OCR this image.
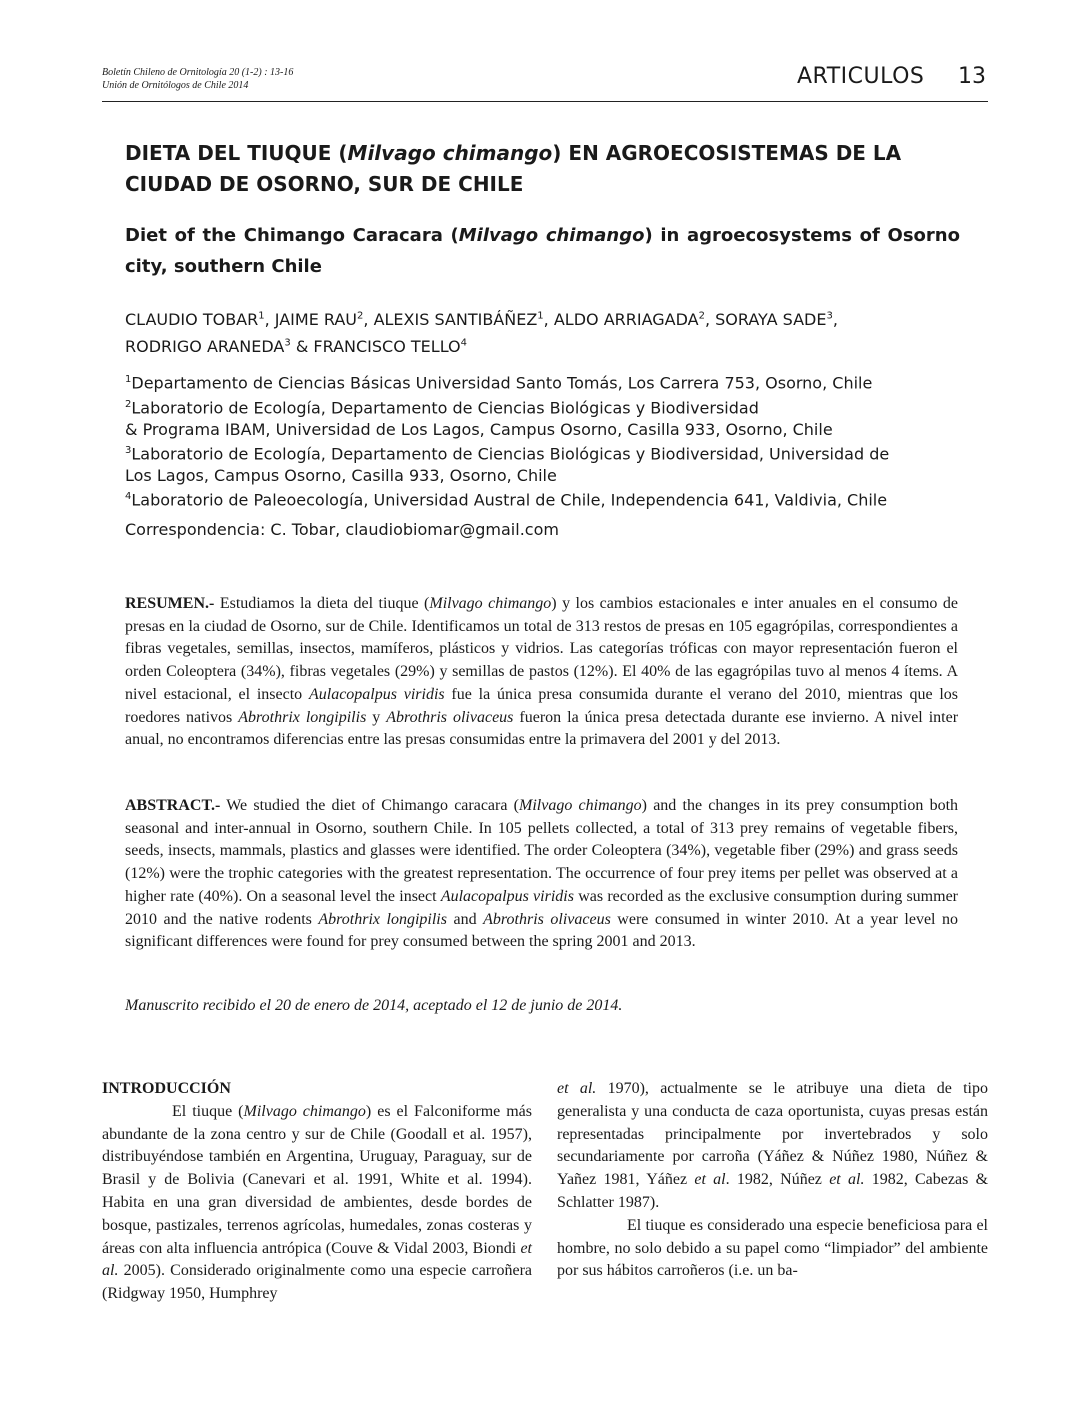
Boletín Chileno de Ornitología 20 (1-2) : 13-16
Unión de Ornitólogos de Chile 2014	ARTICULOS 13
DIETA DEL TIUQUE (Milvago chimango) EN AGROECOSISTEMAS DE LA CIUDAD DE OSORNO, SUR DE CHILE
Diet of the Chimango Caracara (Milvago chimango) in agroecosystems of Osorno city, southern Chile
CLAUDIO TOBAR$^1$, JAIME RAU$^2$, ALEXIS SANTIBÁÑEZ$^1$, ALDO ARRIAGADA$^2$, SORAYA SADE$^3$,
RODRIGO ARANEDA$^3$ & FRANCISCO TELLO$^4$
$^1$Departamento de Ciencias Básicas Universidad Santo Tomás, Los Carrera 753, Osorno, Chile
$^2$Laboratorio de Ecología, Departamento de Ciencias Biológicas y Biodiversidad
& Programa IBAM, Universidad de Los Lagos, Campus Osorno, Casilla 933, Osorno, Chile
$^3$Laboratorio de Ecología, Departamento de Ciencias Biológicas y Biodiversidad, Universidad de
Los Lagos, Campus Osorno, Casilla 933, Osorno, Chile
$^4$Laboratorio de Paleoecología, Universidad Austral de Chile, Independencia 641, Valdivia, Chile
Correspondencia: C. Tobar, claudiobiomar@gmail.com
RESUMEN.- Estudiamos la dieta del tiuque (Milvago chimango) y los cambios estacionales e inter anuales en el consumo de presas en la ciudad de Osorno, sur de Chile. Identificamos un total de 313 restos de presas en 105 egagrópilas, correspondientes a fibras vegetales, semillas, insectos, mamíferos, plásticos y vidrios. Las categorías tróficas con mayor representación fueron el orden Coleoptera (34%), fibras vegetales (29%) y semillas de pastos (12%). El 40% de las egagrópilas tuvo al menos 4 ítems. A nivel estacional, el insecto Aulacopalpus viridis fue la única presa consumida durante el verano del 2010, mientras que los roedores nativos Abrothrix longipilis y Abrothris olivaceus fueron la única presa detectada durante ese invierno. A nivel inter anual, no encontramos diferencias entre las presas consumidas entre la primavera del 2001 y del 2013.
ABSTRACT.- We studied the diet of Chimango caracara (Milvago chimango) and the changes in its prey consumption both seasonal and inter-annual in Osorno, southern Chile. In 105 pellets collected, a total of 313 prey remains of vegetable fibers, seeds, insects, mammals, plastics and glasses were identified. The order Coleoptera (34%), vegetable fiber (29%) and grass seeds (12%) were the trophic categories with the greatest representation. The occurrence of four prey items per pellet was observed at a higher rate (40%). On a seasonal level the insect Aulacopalpus viridis was recorded as the exclusive consumption during summer 2010 and the native rodents Abrothrix longipilis and Abrothris olivaceus were consumed in winter 2010. At a year level no significant differences were found for prey consumed between the spring 2001 and 2013.
Manuscrito recibido el 20 de enero de 2014, aceptado el 12 de junio de 2014.
INTRODUCCIÓN

El tiuque (Milvago chimango) es el Falconiforme más abundante de la zona centro y sur de Chile (Goodall et al. 1957), distribuyéndose también en Argentina, Uruguay, Paraguay, sur de Brasil y de Bolivia (Canevari et al. 1991, White et al. 1994). Habita en una gran diversidad de ambientes, desde bordes de bosque, pastizales, terrenos agrícolas, humedales, zonas costeras y áreas con alta influencia antrópica (Couve & Vidal 2003, Biondi et al. 2005). Considerado originalmente como una especie carroñera (Ridgway 1950, Humphrey

et al. 1970), actualmente se le atribuye una dieta de tipo generalista y una conducta de caza oportunista, cuyas presas están representadas principalmente por invertebrados y solo secundariamente por carroña (Yáñez & Núñez 1980, Núñez & Yañez 1981, Yáñez et al. 1982, Núñez et al. 1982, Cabezas & Schlatter 1987).

El tiuque es considerado una especie beneficiosa para el hombre, no solo debido a su papel como “limpiador” del ambiente por sus hábitos carroñeros (i.e. un ba-
